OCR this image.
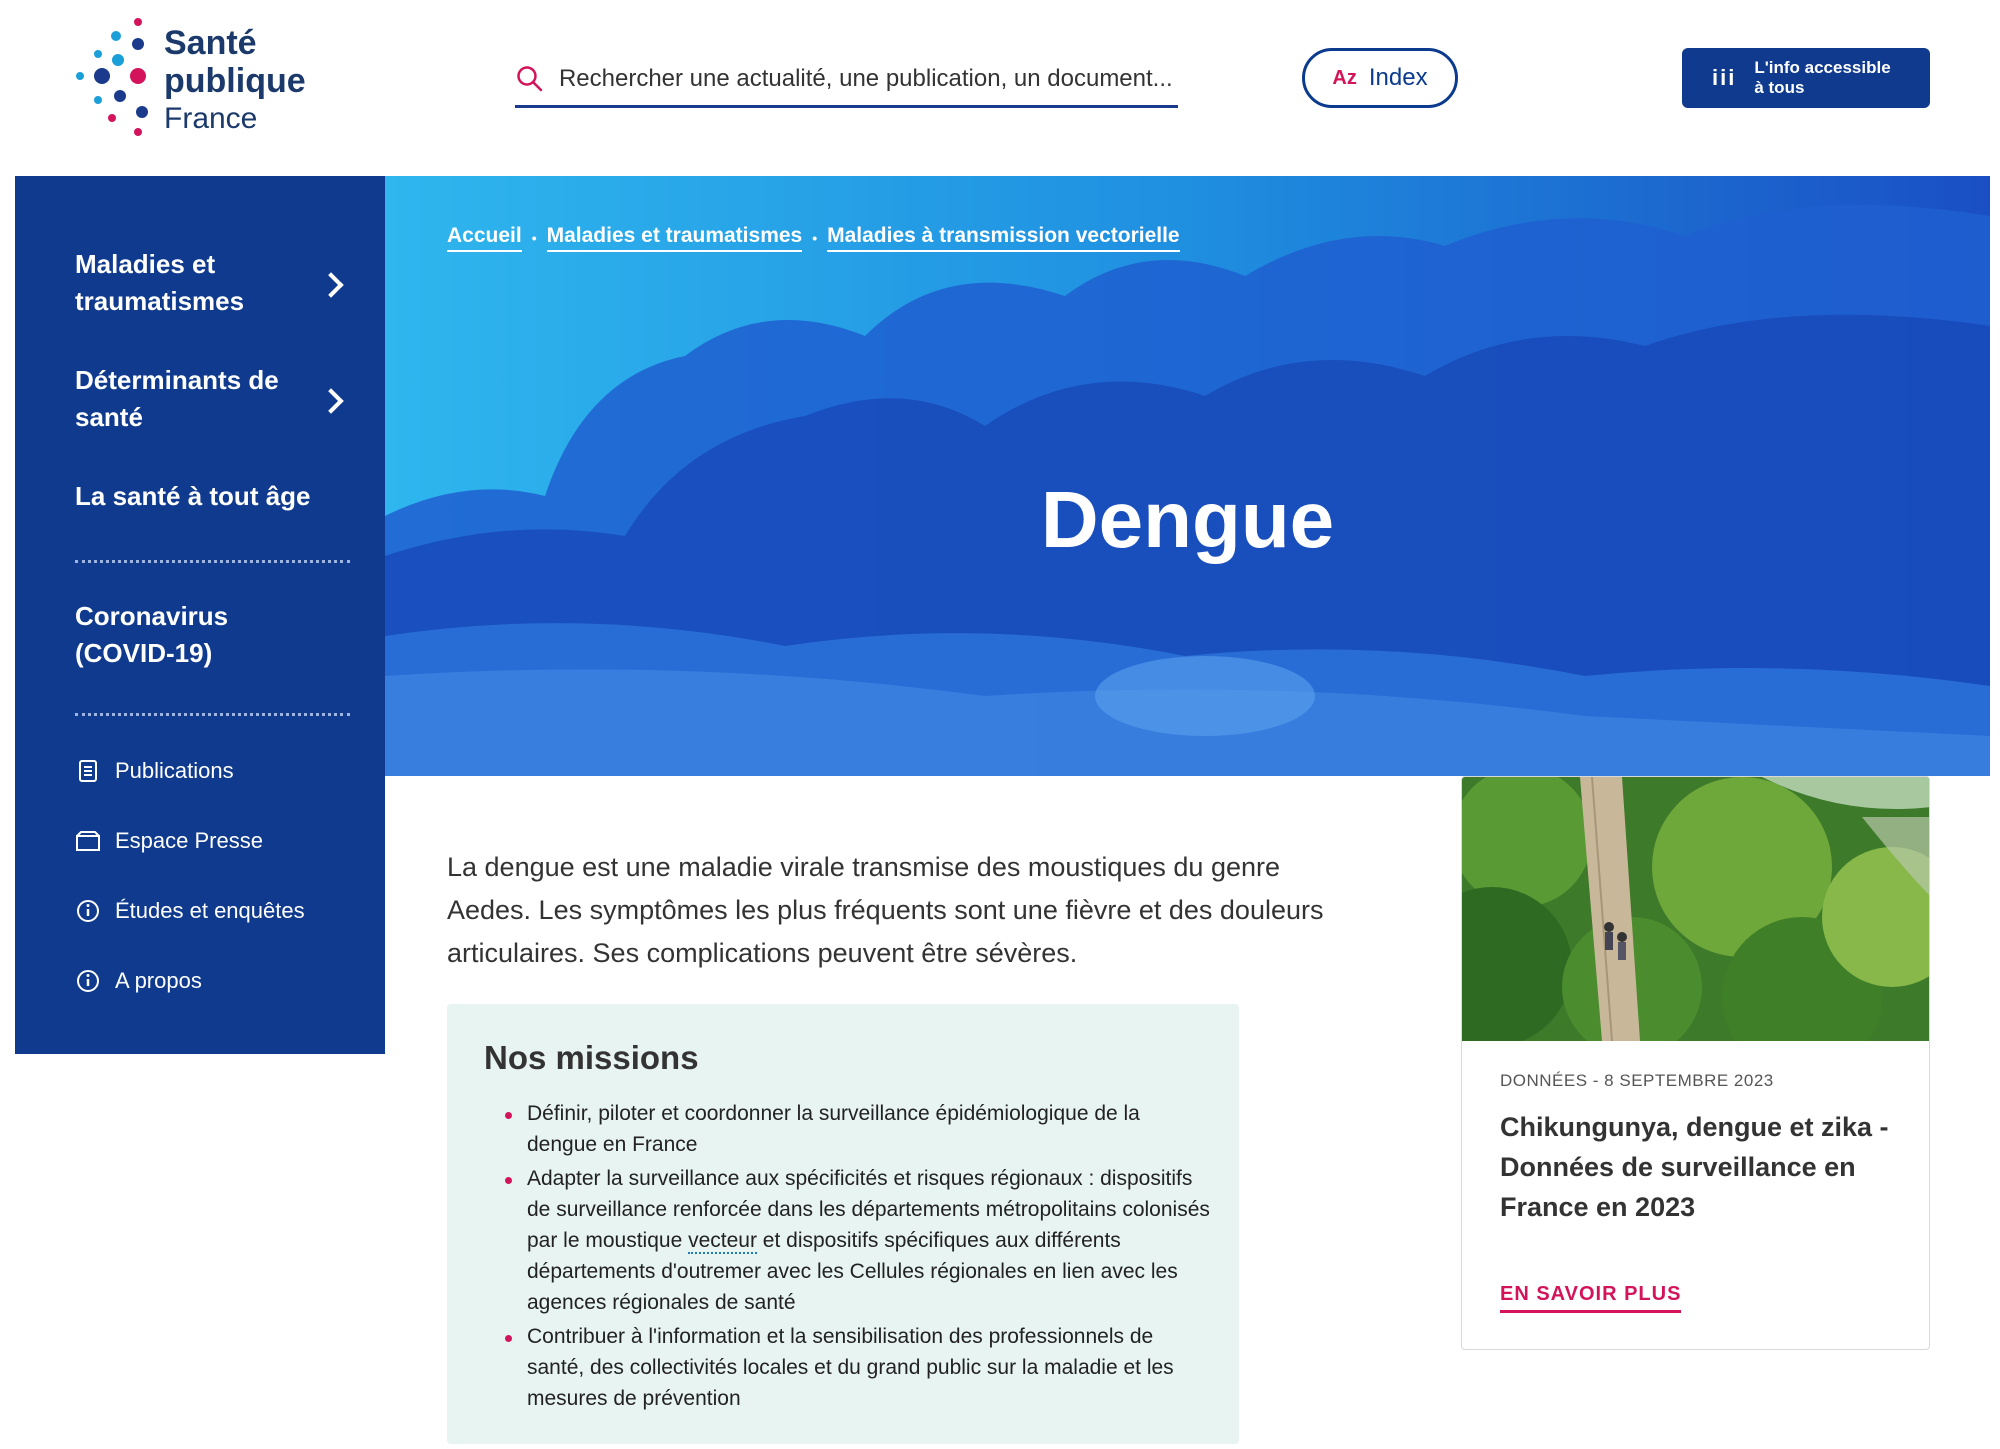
Santé
publique
France
Rechercher une actualité, une publication, un document...
Az Index	iii L'info accessible à tous
Maladies et traumatismes
Déterminants de santé
La santé à tout âge
Coronavirus (COVID-19)
Publications
Espace Presse
Études et enquêtes
A propos
Accueil • Maladies et traumatismes • Maladies à transmission vectorielle
Dengue

La dengue est une maladie virale transmise des moustiques du genre Aedes. Les symptômes les plus fréquents sont une fièvre et des douleurs articulaires. Ses complications peuvent être sévères.

Nos missions
Définir, piloter et coordonner la surveillance épidémiologique de la dengue en France
Adapter la surveillance aux spécificités et risques régionaux : dispositifs de surveillance renforcée dans les départements métropolitains colonisés par le moustique vecteur et dispositifs spécifiques aux différents départements d'outremer avec les Cellules régionales en lien avec les agences régionales de santé
Contribuer à l'information et la sensibilisation des professionnels de santé, des collectivités locales et du grand public sur la maladie et les mesures de prévention
DONNÉES - 8 SEPTEMBRE 2023
Chikungunya, dengue et zika - Données de surveillance en France en 2023
EN SAVOIR PLUS
